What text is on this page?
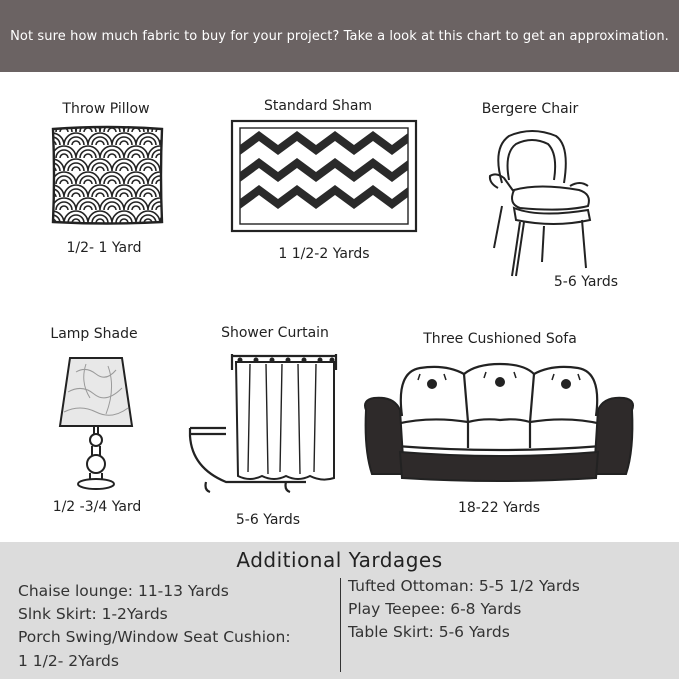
Not sure how much fabric to buy for your project? Take a look at this chart to get an approximation.
Throw Pillow
1/2- 1 Yard
Standard Sham
1 1/2-2 Yards
Bergere Chair
5-6 Yards
Lamp Shade
1/2 -3/4 Yard
Shower Curtain
5-6 Yards
Three Cushioned Sofa
18-22 Yards
Additional Yardages
Chaise lounge: 11-13 Yards
Slnk Skirt: 1-2Yards
Porch Swing/Window Seat Cushion:
1 1/2- 2Yards
Tufted Ottoman: 5-5 1/2 Yards
Play Teepee: 6-8 Yards
Table Skirt: 5-6 Yards
